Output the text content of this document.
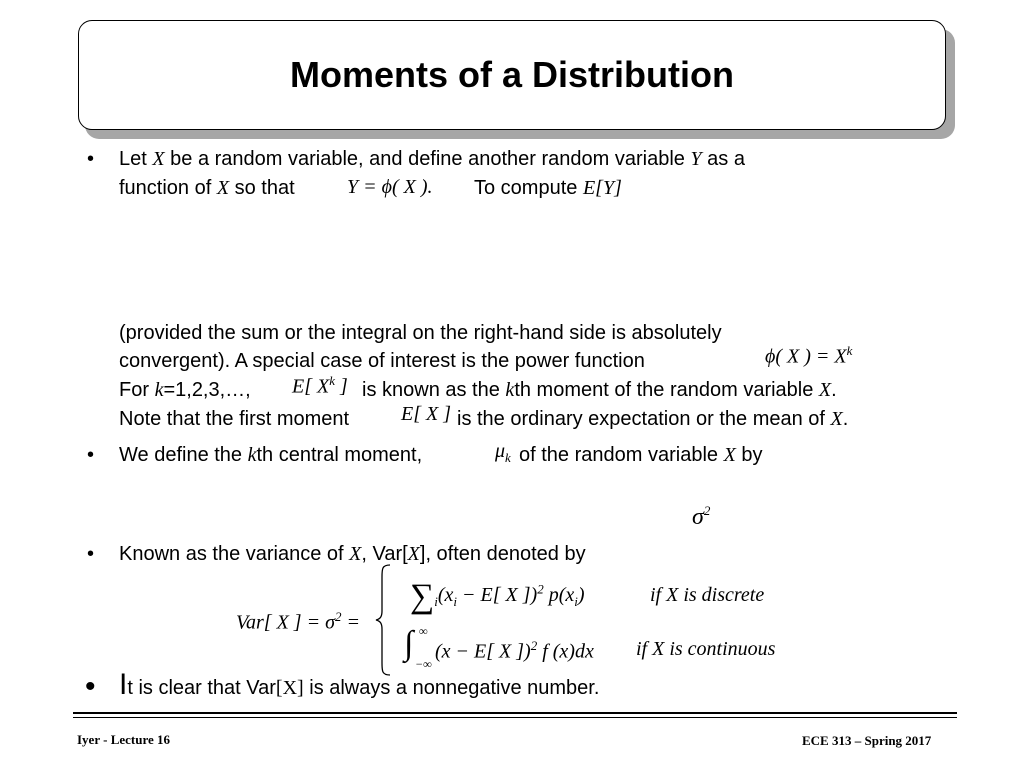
Moments of a Distribution
• Let X be a random variable, and define another random variable Y as a
function of X so that	Y = ϕ( X ). To compute E[Y]
(provided the sum or the integral on the right-hand side is absolutely
convergent). A special case of interest is the power function	ϕ( X ) = $X^k$
For k=1,2,3,…, E[ $X^k$ ] is known as the kth moment of the random variable X.
Note that the first moment	E[ X ] is the ordinary expectation or the mean of X.
• We define the kth central moment,	$\mu_k$ of the random variable X by
$\sigma^2$
• Known as the variance of X, Var[X], often denoted by
Var[ X ] = $\sigma^2$ =
$\sum_i(x_i - E$[ X ])$^2$ $p(x_i)$	if X is discrete
∫ ∞
−∞
(x − E[ X ])$^2$ f (x)dx if X is continuous
• It is clear that Var[X] is always a nonnegative number.
Iyer - Lecture 16	ECE 313 – Spring 2017
